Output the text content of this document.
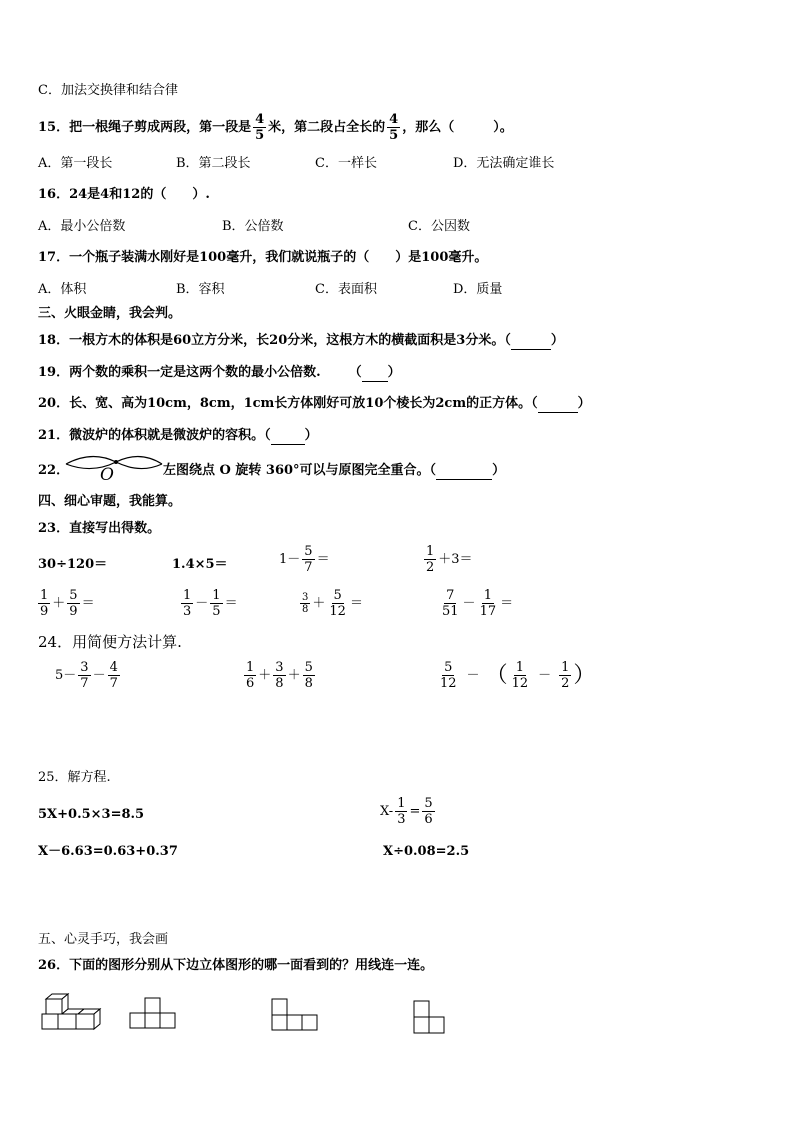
C．加法交换律和结合律
15．把一根绳子剪成两段，第一段是 $\frac{4}{5}$ 米，第二段占全长的 $\frac{4}{5}$ ，那么（　　　）。
A．第一段长	B．第二段长	C．一样长	D．无法确定谁长
16．24是4和12的（　　）.
A．最小公倍数	B．公倍数	C．公因数
17．一个瓶子装满水刚好是100毫升，我们就说瓶子的（　　）是100毫升。
A．体积	B．容积	C．表面积	D．质量
三、火眼金睛，我会判。
18．一根方木的体积是60立方分米，长20分米，这根方木的横截面积是3分米。（	）
19．两个数的乘积一定是这两个数的最小公倍数. （ ）
20．长、宽、高为10cm，8cm，1cm长方体刚好可放10个棱长为2cm的正方体。（	）
21．微波炉的体积就是微波炉的容积。（	）
22． O	左图绕点 O 旋转 360°可以与原图完全重合。（	）
四、细心审题，我能算。
23．直接写出得数。
30÷120＝	1.4×5＝	$1- \frac{5}{7}$ ＝	$\frac{1}{2} +3=$
$\frac{1}{9} + \frac{5}{9}$ ＝	$\frac{1}{3} - \frac{1}{5}$ ＝	$\frac{3}{8} + \frac{5}{12}$ ＝	$\frac{7}{51} - \frac{1}{17}$ ＝
24．用简便方法计算.
$5- \frac{3}{7} - \frac{4}{7}$	$\frac{1}{6} + \frac{3}{8} + \frac{5}{8}$	$\frac{5}{12}$ － （ $\frac{1}{12} - \frac{1}{2}$ ）
25．解方程.
5X+0.5×3=8.5	$X- \frac{1}{3} = \frac{5}{6}$
X－6.63=0.63+0.37	X÷0.08=2.5
五、心灵手巧，我会画
26．下面的图形分别从下边立体图形的哪一面看到的？用线连一连。
